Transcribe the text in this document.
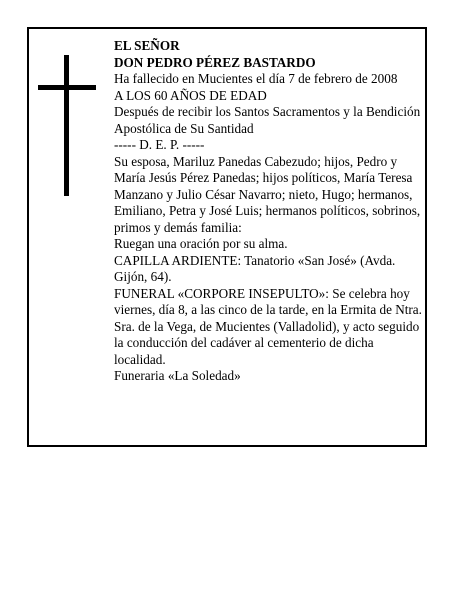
EL SEÑOR

DON PEDRO PÉREZ BASTARDO

Ha fallecido en Mucientes el día 7 de febrero de 2008

A LOS 60 AÑOS DE EDAD

Después de recibir los Santos Sacramentos y la Bendición Apostólica de Su Santidad

----- D. E. P. -----

Su esposa, Mariluz Panedas Cabezudo; hijos, Pedro y María Jesús Pérez Panedas; hijos políticos, María Teresa Manzano y Julio César Navarro; nieto, Hugo; hermanos, Emiliano, Petra y José Luis; hermanos políticos, sobrinos, primos y demás familia:

Ruegan una oración por su alma.

CAPILLA ARDIENTE: Tanatorio «San José» (Avda. Gijón, 64).

FUNERAL «CORPORE INSEPULTO»: Se celebra hoy viernes, día 8, a las cinco de la tarde, en la Ermita de Ntra. Sra. de la Vega, de Mucientes (Valladolid), y acto seguido la conducción del cadáver al cementerio de dicha localidad.

Funeraria «La Soledad»
